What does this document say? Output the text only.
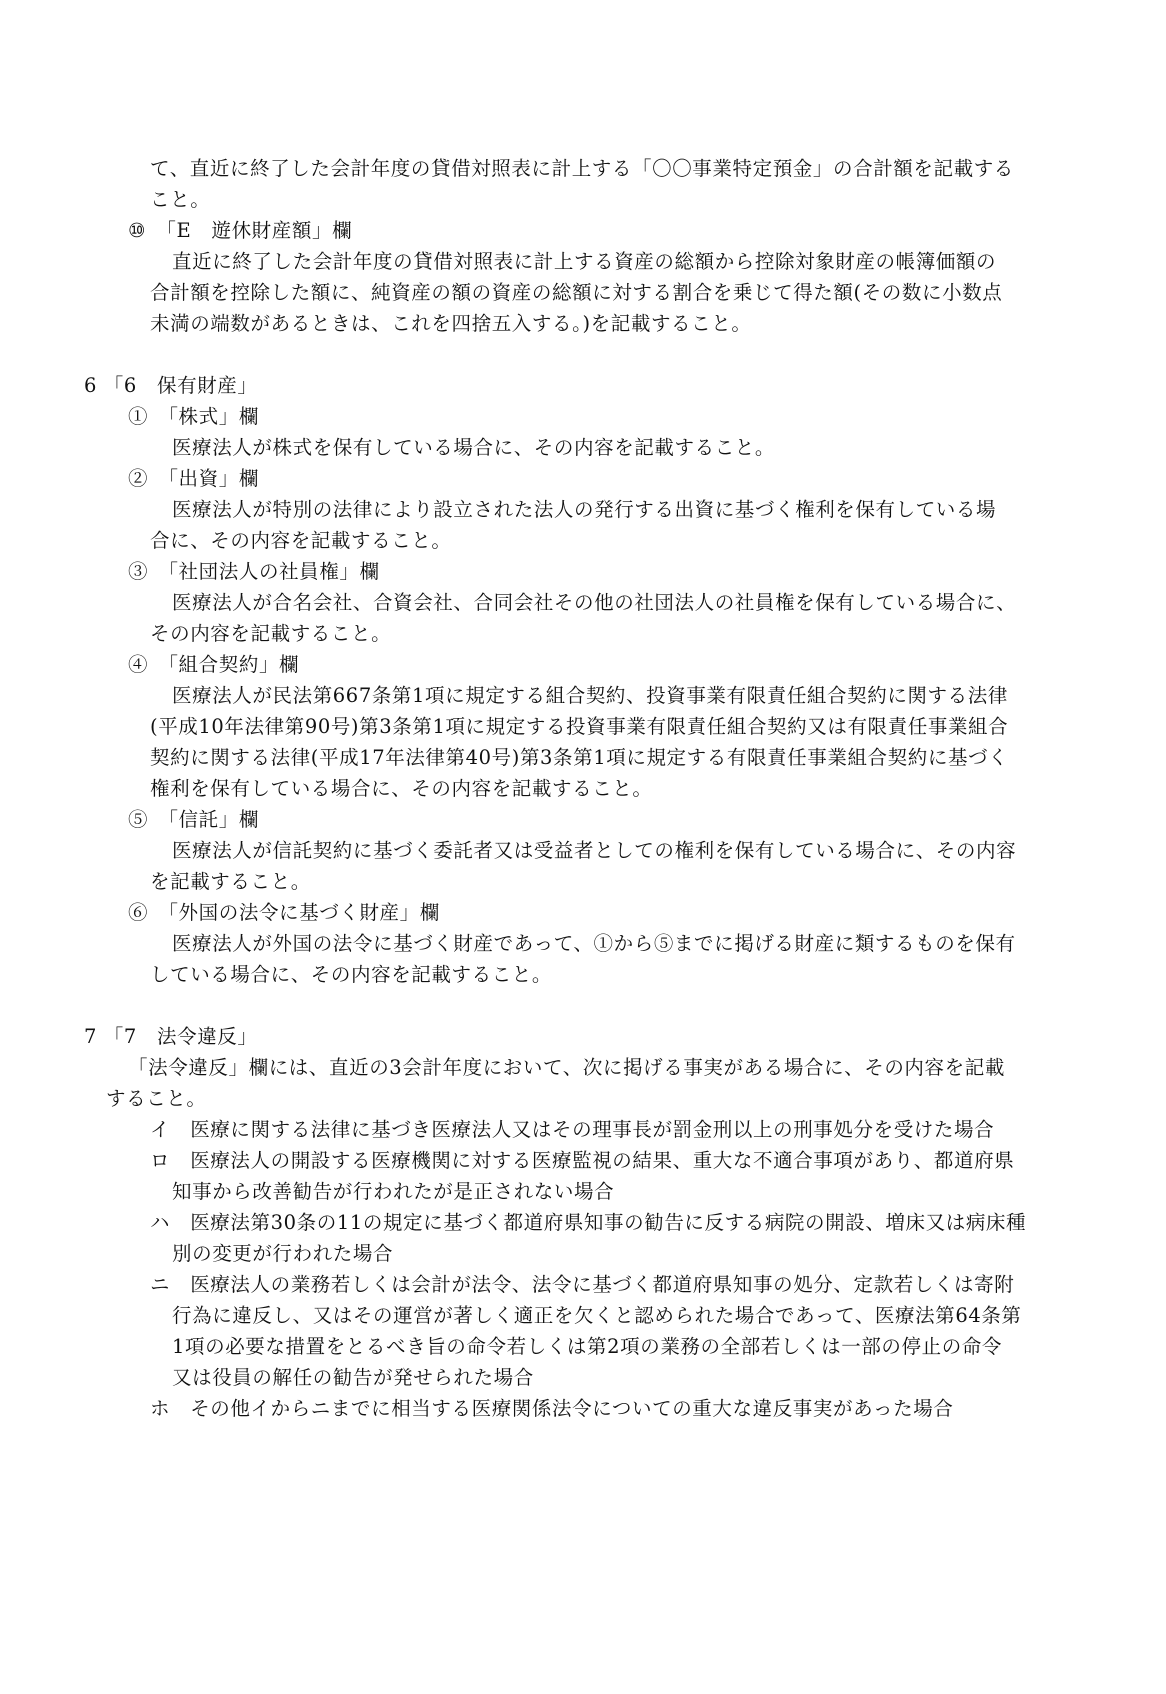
て、直近に終了した会計年度の貸借対照表に計上する「〇〇事業特定預金」の合計額を記載する
こと。
⑩　「E　遊休財産額」欄
直近に終了した会計年度の貸借対照表に計上する資産の総額から控除対象財産の帳簿価額の
合計額を控除した額に、純資産の額の資産の総額に対する割合を乗じて得た額(その数に小数点
未満の端数があるときは、これを四捨五入する。)を記載すること。
6 「6　保有財産」
①　「株式」欄
医療法人が株式を保有している場合に、その内容を記載すること。
②　「出資」欄
医療法人が特別の法律により設立された法人の発行する出資に基づく権利を保有している場
合に、その内容を記載すること。
③　「社団法人の社員権」欄
医療法人が合名会社、合資会社、合同会社その他の社団法人の社員権を保有している場合に、
その内容を記載すること。
④　「組合契約」欄
医療法人が民法第667条第1項に規定する組合契約、投資事業有限責任組合契約に関する法律
(平成10年法律第90号)第3条第1項に規定する投資事業有限責任組合契約又は有限責任事業組合
契約に関する法律(平成17年法律第40号)第3条第1項に規定する有限責任事業組合契約に基づく
権利を保有している場合に、その内容を記載すること。
⑤　「信託」欄
医療法人が信託契約に基づく委託者又は受益者としての権利を保有している場合に、その内容
を記載すること。
⑥　「外国の法令に基づく財産」欄
医療法人が外国の法令に基づく財産であって、①から⑤までに掲げる財産に類するものを保有
している場合に、その内容を記載すること。
7 「7　法令違反」
「法令違反」欄には、直近の3会計年度において、次に掲げる事実がある場合に、その内容を記載
すること。
イ　医療に関する法律に基づき医療法人又はその理事長が罰金刑以上の刑事処分を受けた場合
ロ　医療法人の開設する医療機関に対する医療監視の結果、重大な不適合事項があり、都道府県
知事から改善勧告が行われたが是正されない場合
ハ　医療法第30条の11の規定に基づく都道府県知事の勧告に反する病院の開設、増床又は病床種
別の変更が行われた場合
ニ　医療法人の業務若しくは会計が法令、法令に基づく都道府県知事の処分、定款若しくは寄附
行為に違反し、又はその運営が著しく適正を欠くと認められた場合であって、医療法第64条第
1項の必要な措置をとるべき旨の命令若しくは第2項の業務の全部若しくは一部の停止の命令
又は役員の解任の勧告が発せられた場合
ホ　その他イからニまでに相当する医療関係法令についての重大な違反事実があった場合
